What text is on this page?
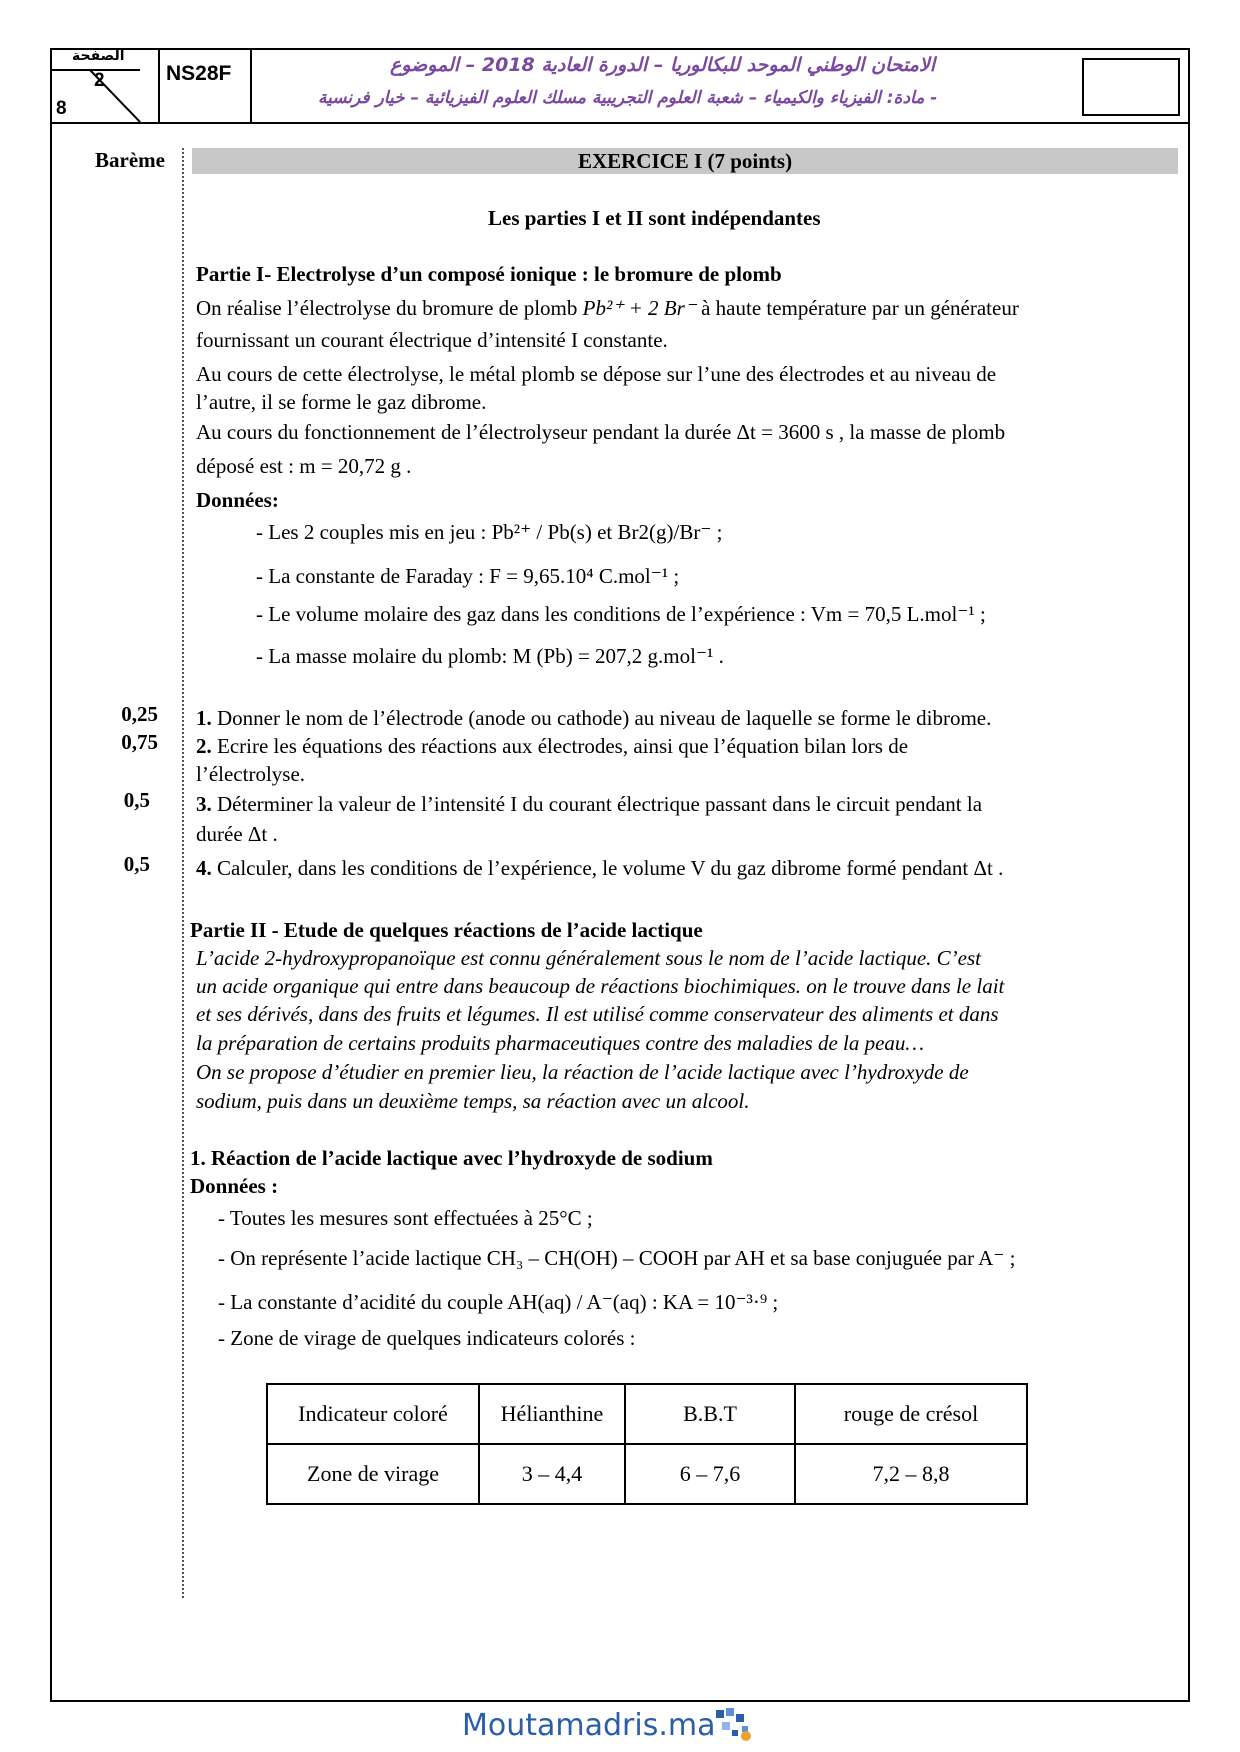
الصفحة
2
8
NS28F	الامتحان الوطني الموحد للبكالوريا – الدورة العادية 2018 – الموضوع
- مادة: الفيزياء والكيمياء – شعبة العلوم التجريبية مسلك العلوم الفيزيائية – خيار فرنسية
Barème	EXERCICE I (7 points)
Les parties I et II sont indépendantes
Partie I- Electrolyse d’un composé ionique : le bromure de plomb
On réalise l’électrolyse du bromure de plomb Pb²⁺ + 2 Br⁻ à haute température par un générateur
fournissant un courant électrique d’intensité I constante.
Au cours de cette électrolyse, le métal plomb se dépose sur l’une des électrodes et au niveau de
l’autre, il se forme le gaz dibrome.
Au cours du fonctionnement de l’électrolyseur pendant la durée Δt = 3600 s , la masse de plomb
déposé est : m = 20,72 g .
Données:
- Les 2 couples mis en jeu : Pb²⁺ / Pb(s) et Br2(g)/Br⁻ ;
- La constante de Faraday : F = 9,65.10⁴ C.mol⁻¹ ;
- Le volume molaire des gaz dans les conditions de l’expérience : Vm = 70,5 L.mol⁻¹ ;
- La masse molaire du plomb: M (Pb) = 207,2 g.mol⁻¹ .
0,25 1. Donner le nom de l’électrode (anode ou cathode) au niveau de laquelle se forme le dibrome.
0,75 2. Ecrire les équations des réactions aux électrodes, ainsi que l’équation bilan lors de
l’électrolyse.
0,5 3. Déterminer la valeur de l’intensité I du courant électrique passant dans le circuit pendant la
durée Δt .
0,5 4. Calculer, dans les conditions de l’expérience, le volume V du gaz dibrome formé pendant Δt .
Partie II - Etude de quelques réactions de l’acide lactique
L’acide 2-hydroxypropanoïque est connu généralement sous le nom de l’acide lactique. C’est
un acide organique qui entre dans beaucoup de réactions biochimiques. on le trouve dans le lait
et ses dérivés, dans des fruits et légumes. Il est utilisé comme conservateur des aliments et dans
la préparation de certains produits pharmaceutiques contre des maladies de la peau…
On se propose d’étudier en premier lieu, la réaction de l’acide lactique avec l’hydroxyde de
sodium, puis dans un deuxième temps, sa réaction avec un alcool.
1. Réaction de l’acide lactique avec l’hydroxyde de sodium
Données :
- Toutes les mesures sont effectuées à 25°C ;
- On représente l’acide lactique CH₃ – CH(OH) – COOH par AH et sa base conjuguée par A⁻ ;
- La constante d’acidité du couple AH(aq) / A⁻(aq) : KA = 10⁻³·⁹ ;
- Zone de virage de quelques indicateurs colorés :
Indicateur coloré	Hélianthine	B.B.T	rouge de crésol
Zone de virage	3 – 4,4	6 – 7,6	7,2 – 8,8
Moutamadris.ma
